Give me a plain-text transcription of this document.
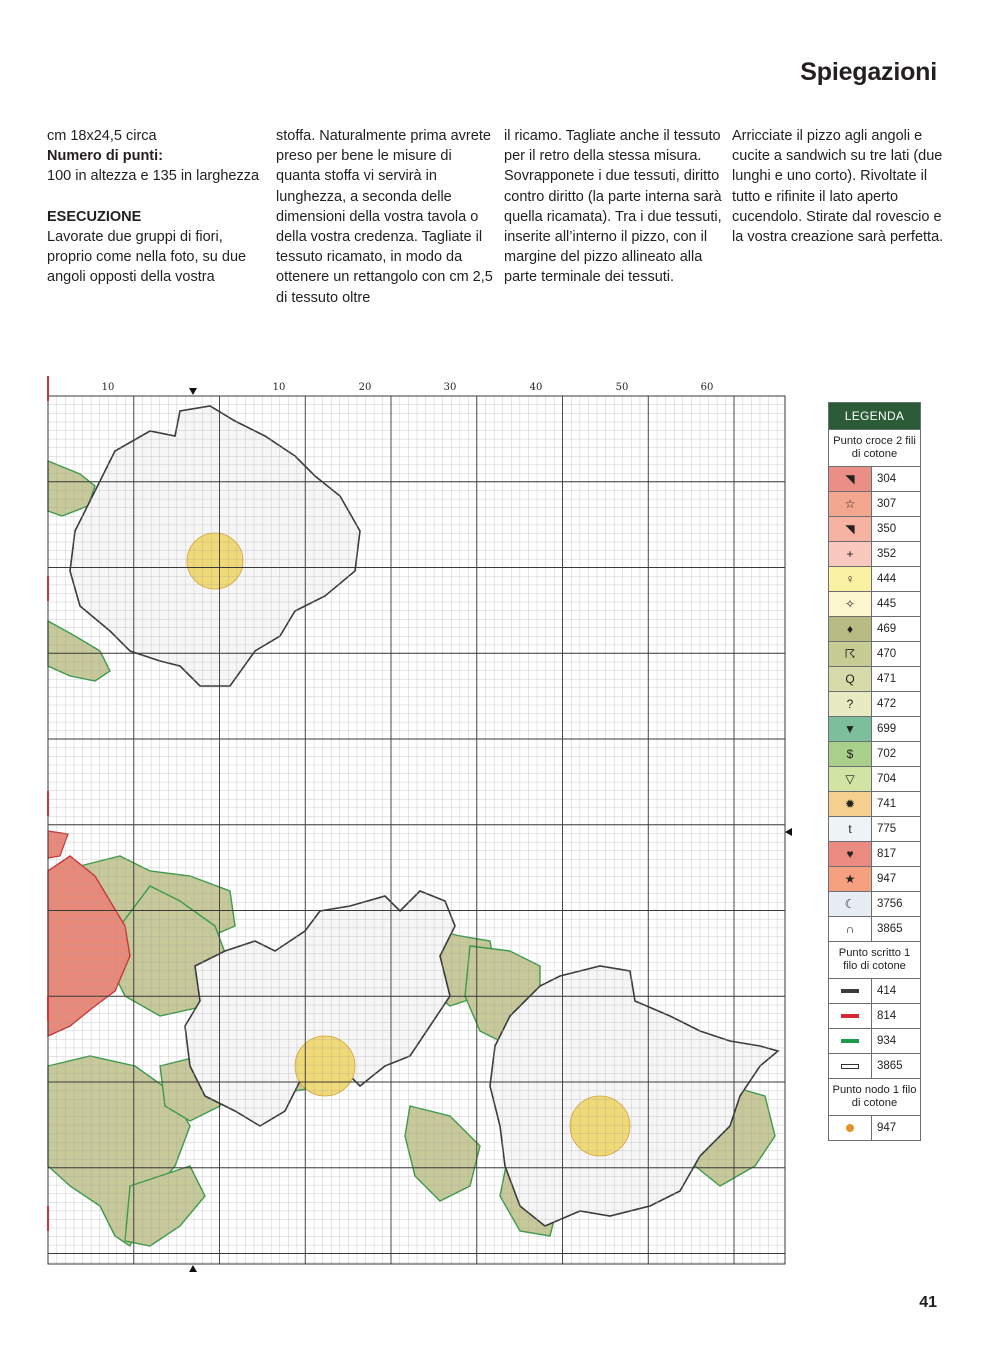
Spiegazioni

cm 18x24,5 circa

Numero di punti:

100 in altezza e 135 in larghezza

ESECUZIONE

Lavorate due gruppi di fiori, proprio come nella foto, su due angoli opposti della vostra

stoffa. Naturalmente prima avrete preso per bene le misure di quanta stoffa vi servirà in lunghezza, a seconda delle dimensioni della vostra tavola o della vostra credenza. Tagliate il tessuto ricamato, in modo da ottenere un rettangolo con cm 2,5 di tessuto oltre

il ricamo. Tagliate anche il tessuto per il retro della stessa misura. Sovrapponete i due tessuti, diritto contro diritto (la parte interna sarà quella ricamata). Tra i due tessuti, inserite all’interno il pizzo, con il margine del pizzo allineato alla parte terminale dei tessuti.

Arricciate il pizzo agli angoli e cucite a sandwich su tre lati (due lunghi e uno corto). Rivoltate il tutto e rifinite il lato aperto cucendolo. Stirate dal rovescio e la vostra creazione sarà perfetta.

10	10	20	30	40	50	60
LEGENDA
Punto croce 2 fili di cotone
◥	304
☆	307
◥	350
+	352
♀	444
✧	445
♦	469
☈	470
Q	471
?	472
▼	699
$	702
▽	704
✹	741
t	775
♥	817
★	947
☾	3756
∩	3865
Punto scritto 1 filo di cotone
414
814
934
3865
Punto nodo 1 filo di cotone
947
41
